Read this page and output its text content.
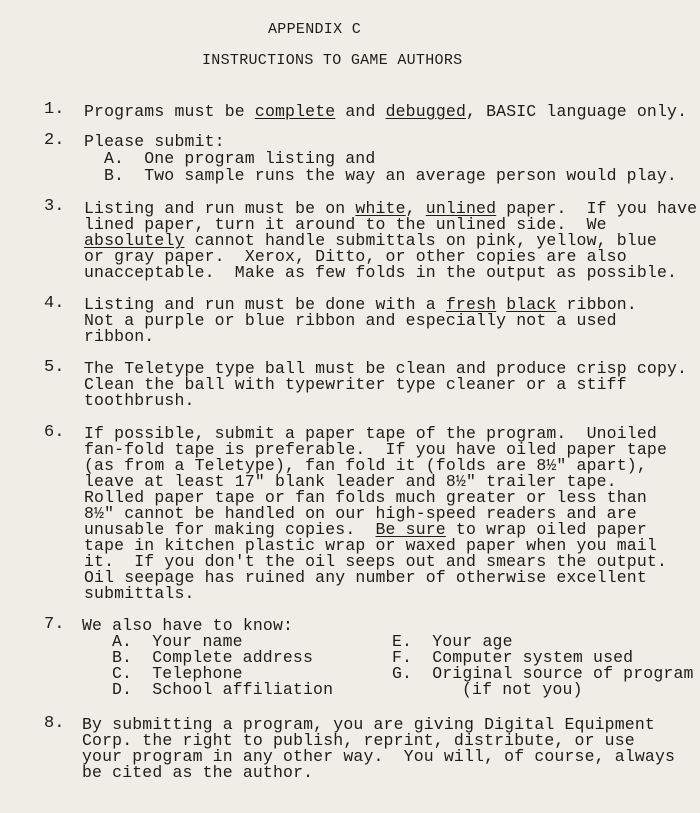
APPENDIX C
INSTRUCTIONS TO GAME AUTHORS
1. Programs must be complete and debugged, BASIC language only.
2. Please submit:
A.  One program listing and
B.  Two sample runs the way an average person would play.
3. Listing and run must be on white, unlined paper.  If you have
lined paper, turn it around to the unlined side.  We
absolutely cannot handle submittals on pink, yellow, blue
or gray paper.  Xerox, Ditto, or other copies are also
unacceptable.  Make as few folds in the output as possible.
4. Listing and run must be done with a fresh black ribbon.
Not a purple or blue ribbon and especially not a used
ribbon.
5. The Teletype type ball must be clean and produce crisp copy.
Clean the ball with typewriter type cleaner or a stiff
toothbrush.
6. If possible, submit a paper tape of the program.  Unoiled
fan-fold tape is preferable.  If you have oiled paper tape
(as from a Teletype), fan fold it (folds are 8½" apart),
leave at least 17" blank leader and 8½" trailer tape.
Rolled paper tape or fan folds much greater or less than
8½" cannot be handled on our high-speed readers and are
unusable for making copies.  Be sure to wrap oiled paper
tape in kitchen plastic wrap or waxed paper when you mail
it.  If you don't the oil seeps out and smears the output.
Oil seepage has ruined any number of otherwise excellent
submittals.
7. We also have to know:
A.  Your name
B.  Complete address
C.  Telephone
D.  School affiliation
E.  Your age
F.  Computer system used
G.  Original source of program
(if not you)
8. By submitting a program, you are giving Digital Equipment
Corp. the right to publish, reprint, distribute, or use
your program in any other way.  You will, of course, always
be cited as the author.
